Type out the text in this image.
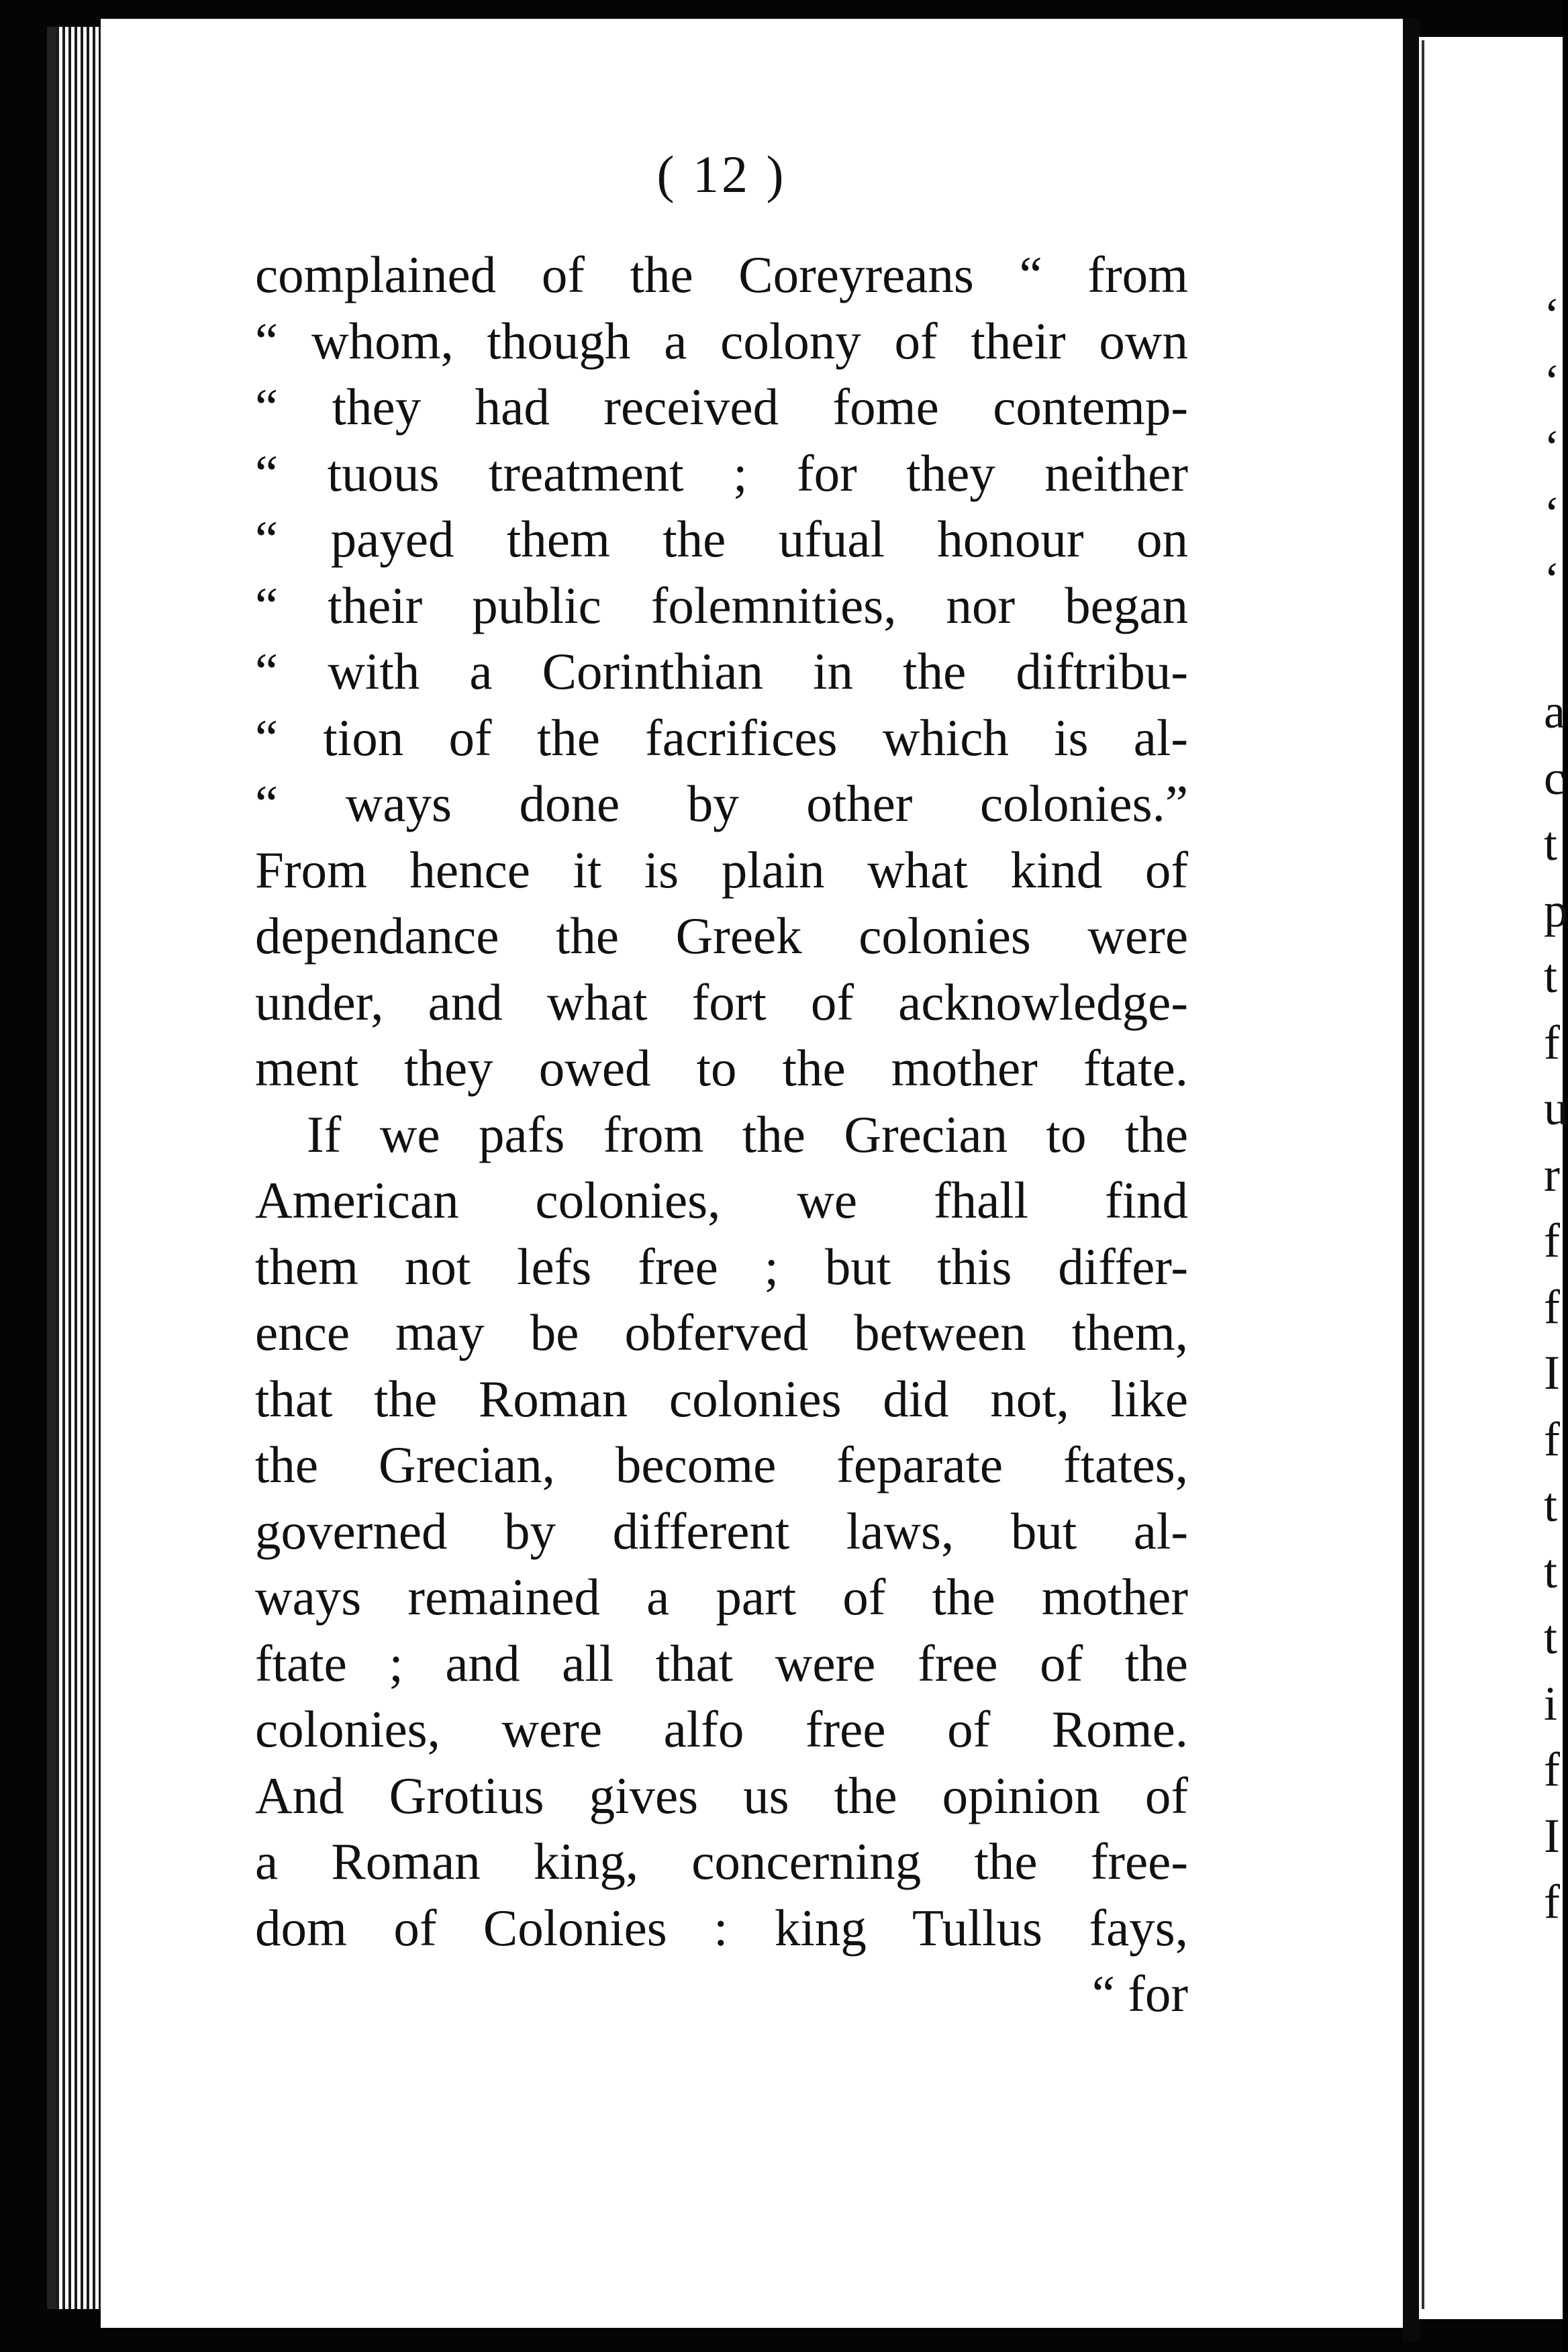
( 12 )
complained of the Coreyreans “ from
“ whom, though a colony of their own
“ they had received fome contemp-
“ tuous treatment ; for they neither
“ payed them the ufual honour on
“ their public folemnities, nor began
“ with a Corinthian in the diftribu-
“ tion of the facrifices which is al-
“ ways done by other colonies.”
From hence it is plain what kind of
dependance the Greek colonies were
under, and what fort of acknowledge-
ment they owed to the mother ftate.
 If we pafs from the Grecian to the
American colonies, we fhall find
them not lefs free ; but this differ-
ence may be obferved between them,
that the Roman colonies did not, like
the Grecian, become feparate ftates,
governed by different laws, but al-
ways remained a part of the mother
ftate ; and all that were free of the
colonies, were alfo free of Rome.
And Grotius gives us the opinion of
a Roman king, concerning the free-
dom of Colonies : king Tullus fays,
“ for
‘
‘
‘
‘
‘
a
c
t
p
t
f
u
r
f
f
I
f
t
t
t
i
f
I
f
